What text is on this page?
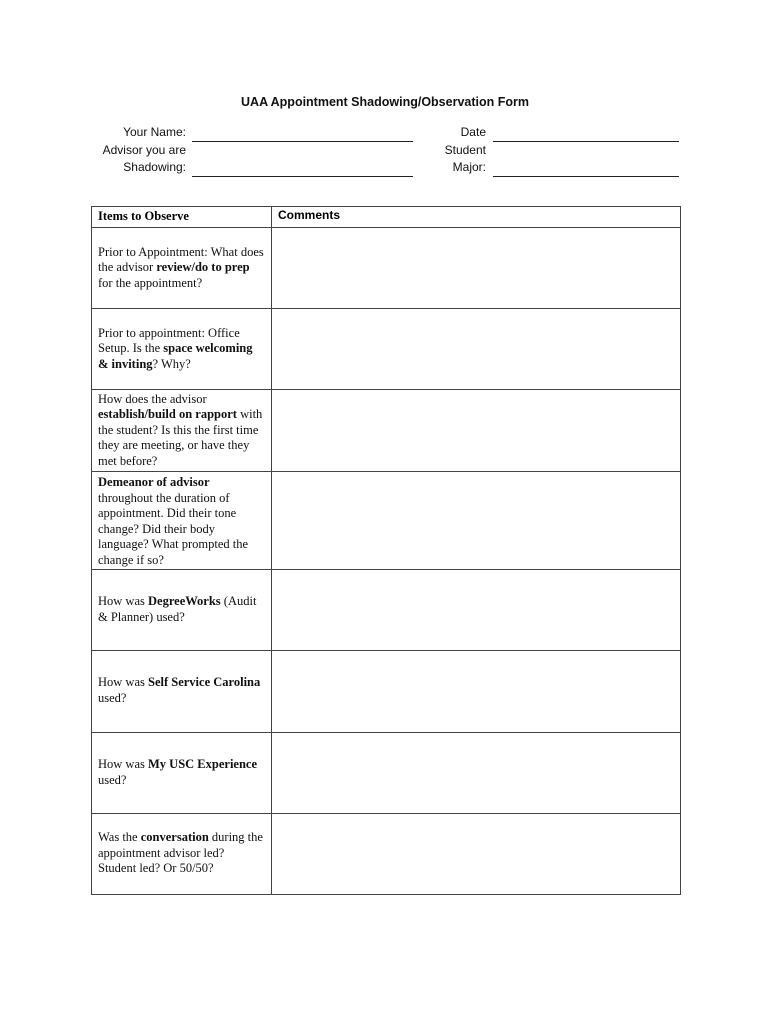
UAA Appointment Shadowing/Observation Form
Your Name:
Advisor you are
Shadowing:
Date
Student
Major:
Items to Observe	Comments
Prior to Appointment: What does the advisor review/do to prep for the appointment?	
Prior to appointment: Office Setup. Is the space welcoming & inviting? Why?	
How does the advisor establish/build on rapport with the student? Is this the first time they are meeting, or have they met before?	
Demeanor of advisor throughout the duration of appointment. Did their tone change? Did their body language? What prompted the change if so?	
How was DegreeWorks (Audit & Planner) used?	
How was Self Service Carolina used?	
How was My USC Experience used?	
Was the conversation during the appointment advisor led? Student led? Or 50/50?	
